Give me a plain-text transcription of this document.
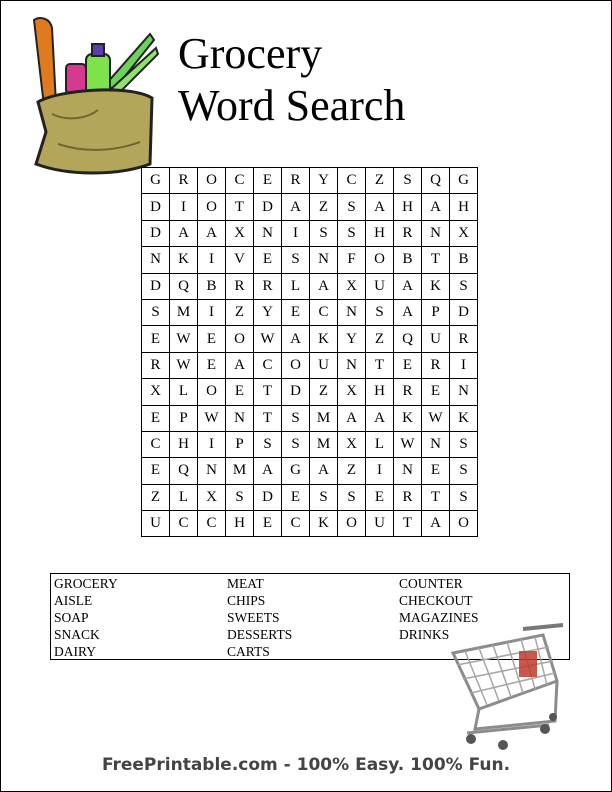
Grocery
Word Search
G	R	O	C	E	R	Y	C	Z	S	Q	G
D	I	O	T	D	A	Z	S	A	H	A	H
D	A	A	X	N	I	S	S	H	R	N	X
N	K	I	V	E	S	N	F	O	B	T	B
D	Q	B	R	R	L	A	X	U	A	K	S
S	M	I	Z	Y	E	C	N	S	A	P	D
E	W	E	O	W	A	K	Y	Z	Q	U	R
R	W	E	A	C	O	U	N	T	E	R	I
X	L	O	E	T	D	Z	X	H	R	E	N
E	P	W	N	T	S	M	A	A	K	W	K
C	H	I	P	S	S	M	X	L	W	N	S
E	Q	N	M	A	G	A	Z	I	N	E	S
Z	L	X	S	D	E	S	S	E	R	T	S
U	C	C	H	E	C	K	O	U	T	A	O
GROCERY
AISLE
SOAP
SNACK
DAIRY
MEAT
CHIPS
SWEETS
DESSERTS
CARTS
COUNTER
CHECKOUT
MAGAZINES
DRINKS
FreePrintable.com - 100% Easy. 100% Fun.
